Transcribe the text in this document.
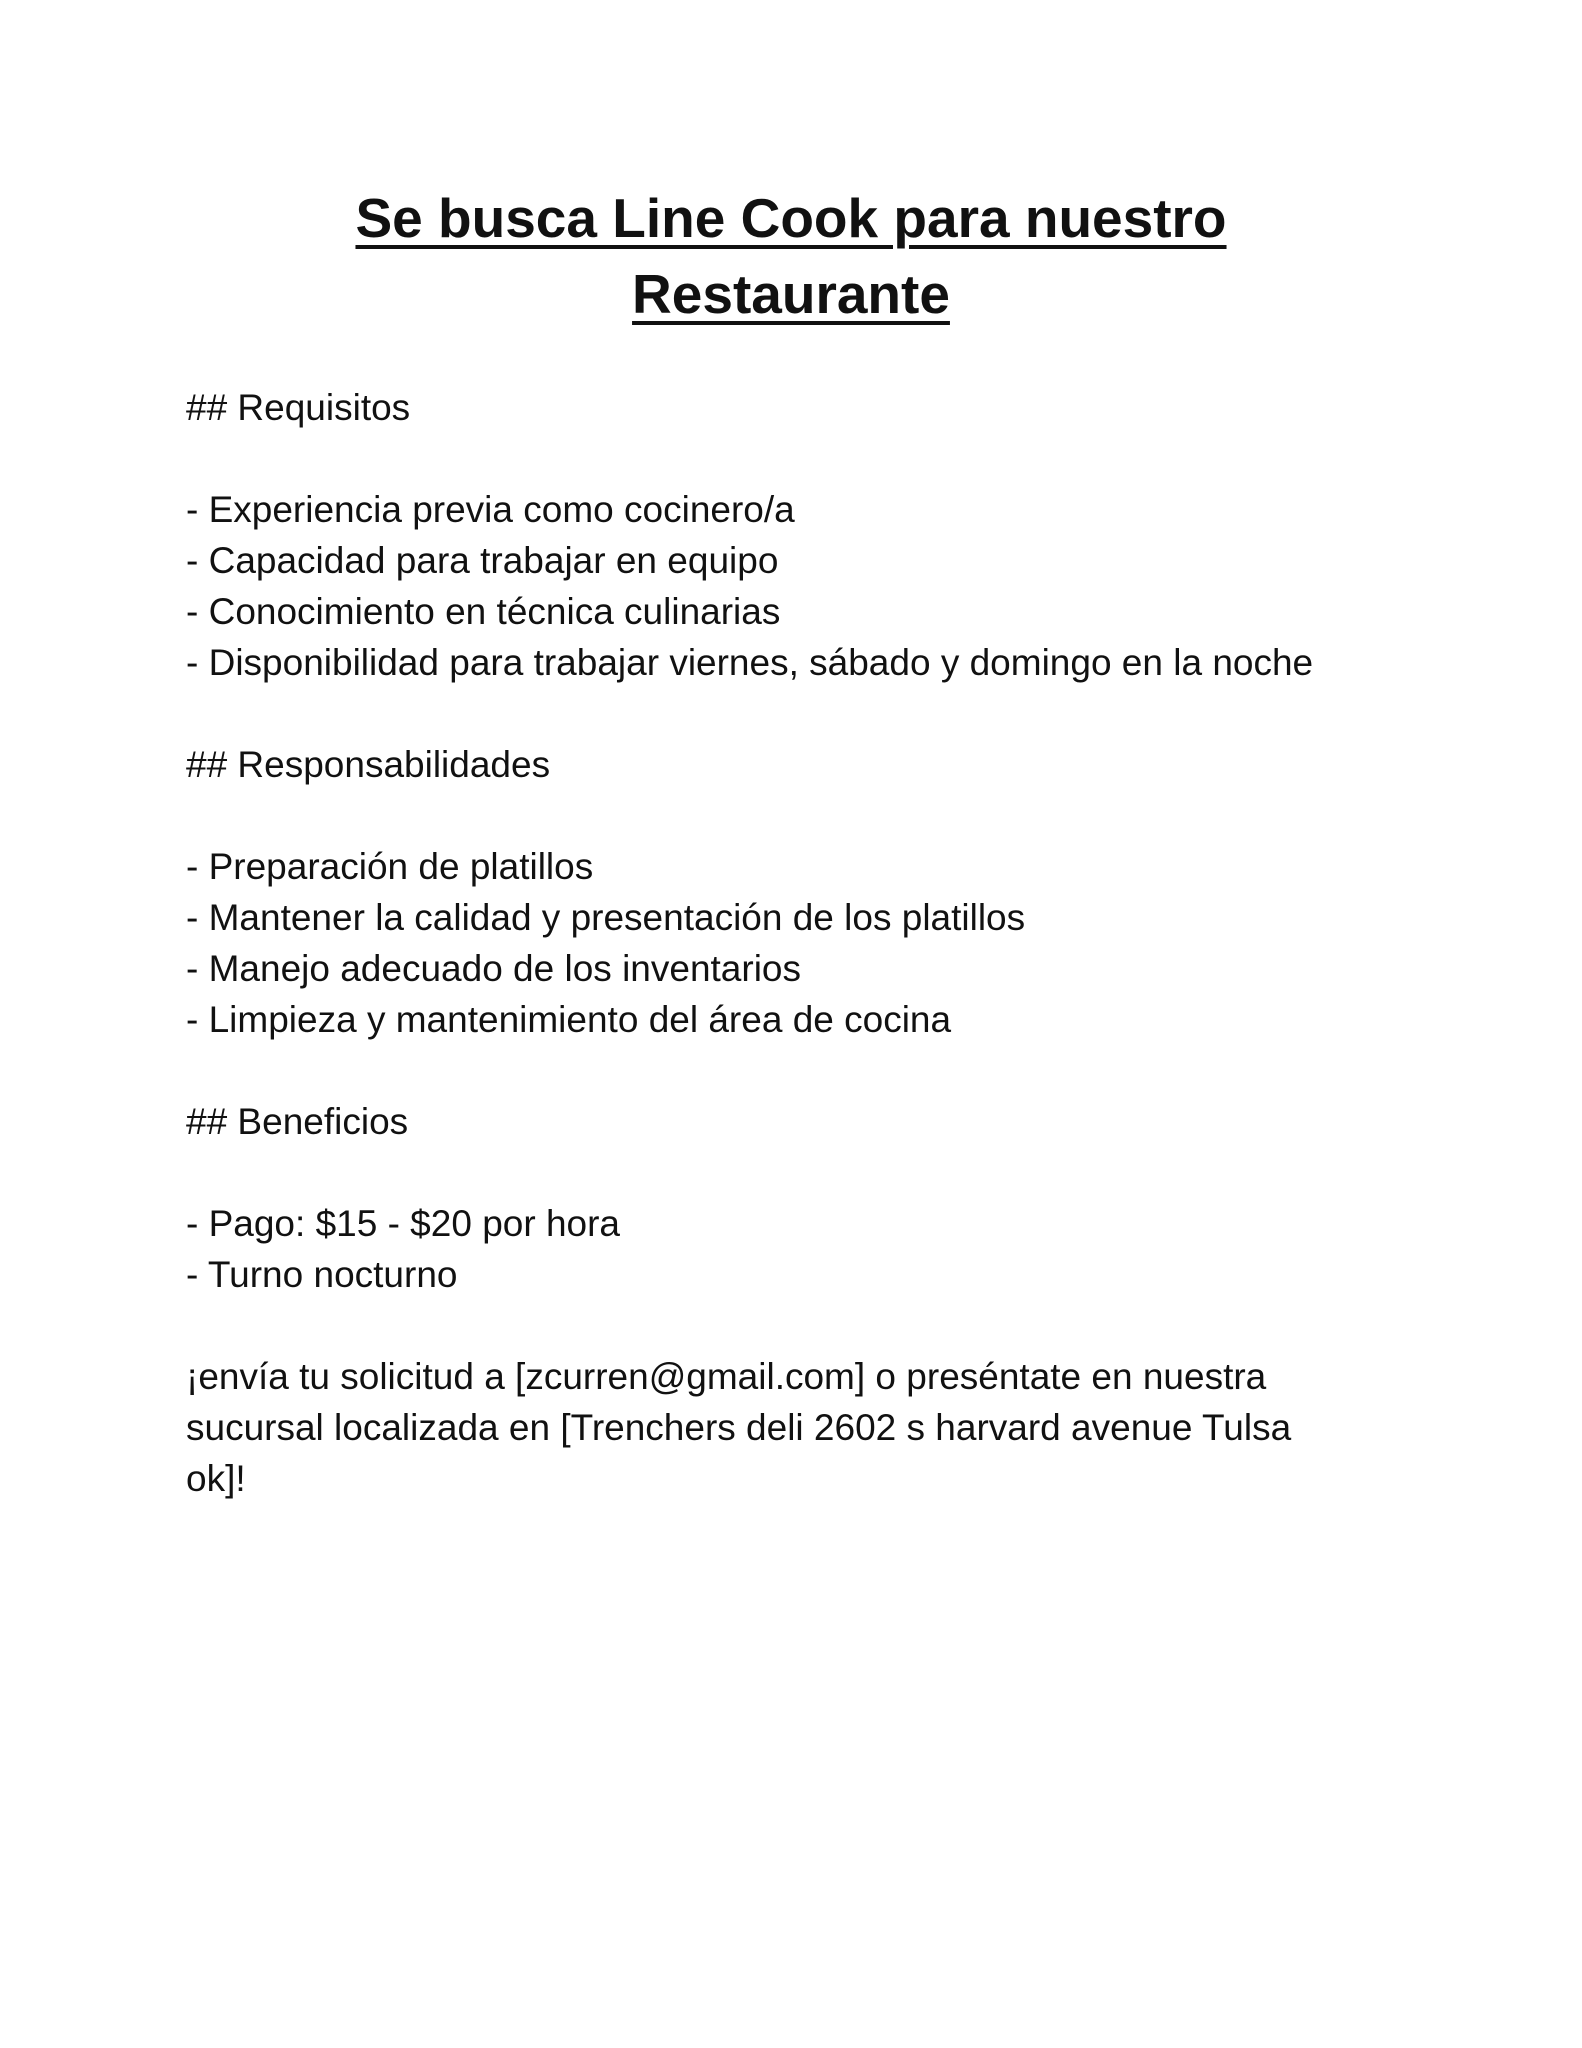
Se busca Line Cook para nuestro
Restaurante

## Requisitos

- Experiencia previa como cocinero/a
- Capacidad para trabajar en equipo
- Conocimiento en técnica culinarias
- Disponibilidad para trabajar viernes, sábado y domingo en la noche

## Responsabilidades

- Preparación de platillos
- Mantener la calidad y presentación de los platillos
- Manejo adecuado de los inventarios
- Limpieza y mantenimiento del área de cocina

## Beneficios

- Pago: $15 - $20 por hora
- Turno nocturno

¡envía tu solicitud a [zcurren@gmail.com] o preséntate en nuestra
sucursal localizada en [Trenchers deli 2602 s harvard avenue Tulsa
ok]!
